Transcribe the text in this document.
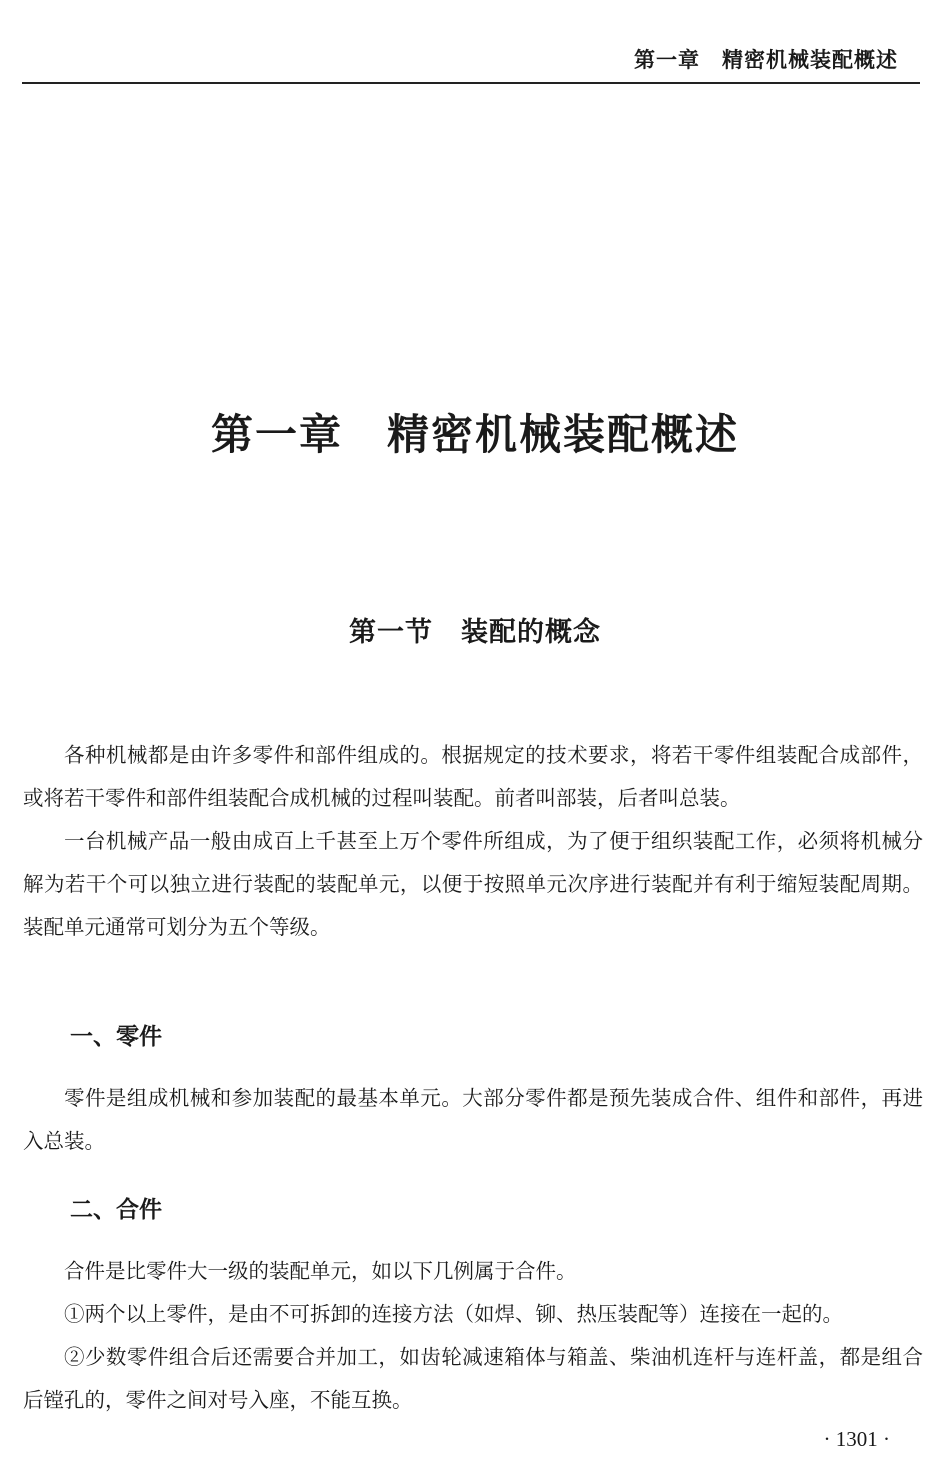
第一章　精密机械装配概述
第一章　精密机械装配概述
第一节　装配的概念

各种机械都是由许多零件和部件组成的。根据规定的技术要求，将若干零件组装配合成部件，或将若干零件和部件组装配合成机械的过程叫装配。前者叫部装，后者叫总装。

一台机械产品一般由成百上千甚至上万个零件所组成，为了便于组织装配工作，必须将机械分解为若干个可以独立进行装配的装配单元，以便于按照单元次序进行装配并有利于缩短装配周期。装配单元通常可划分为五个等级。

一、零件

零件是组成机械和参加装配的最基本单元。大部分零件都是预先装成合件、组件和部件，再进入总装。

二、合件

合件是比零件大一级的装配单元，如以下几例属于合件。

①两个以上零件，是由不可拆卸的连接方法（如焊、铆、热压装配等）连接在一起的。

②少数零件组合后还需要合并加工，如齿轮减速箱体与箱盖、柴油机连杆与连杆盖，都是组合后镗孔的，零件之间对号入座，不能互换。

· 1301 ·
